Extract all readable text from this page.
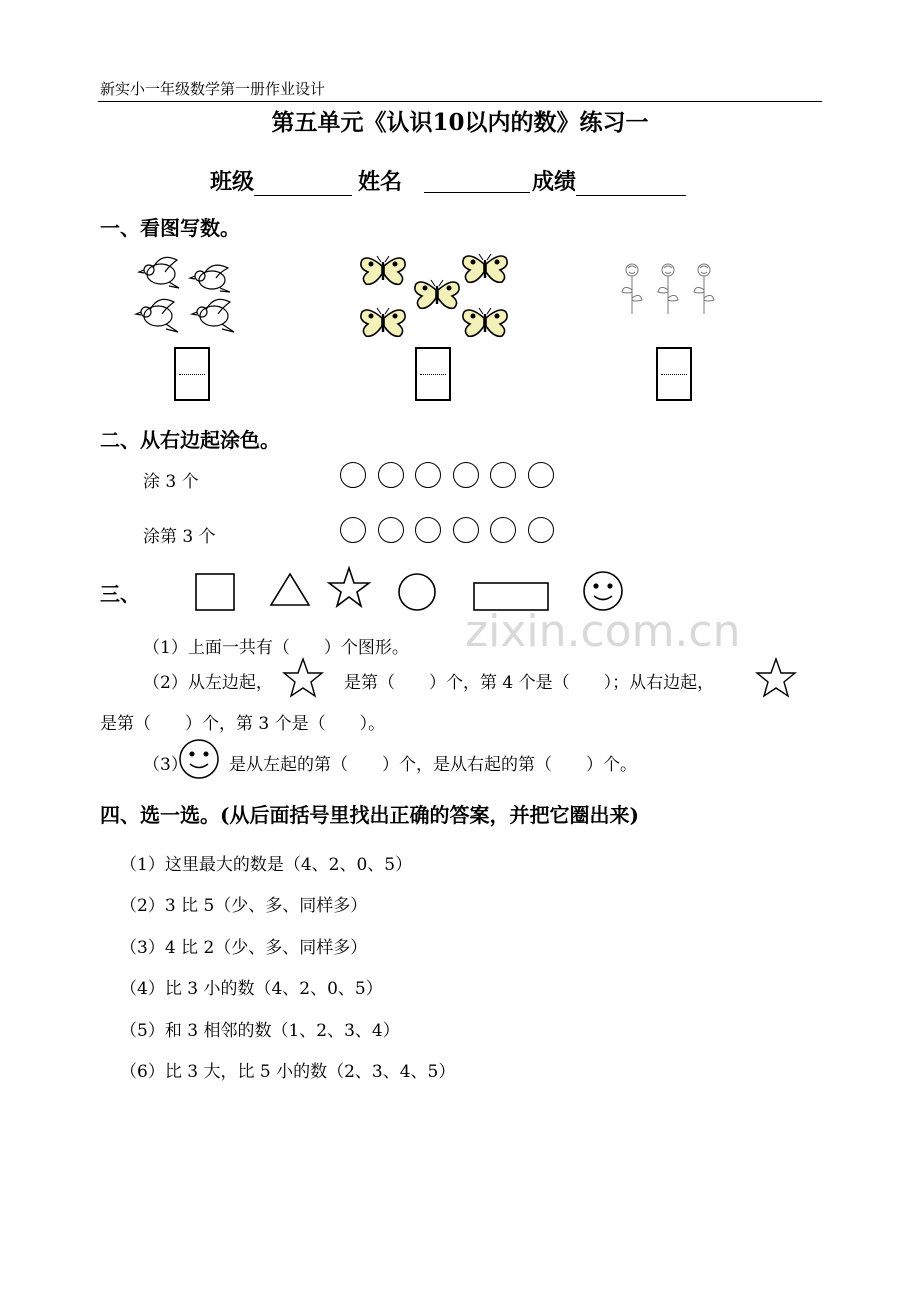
新实小一年级数学第一册作业设计
第五单元《认识10以内的数》练习一
班级	姓名	成绩
一、看图写数。
二、从右边起涂色。
涂 3 个
涂第 3 个
三、
（1）上面一共有（　　）个图形。
（2）从左边起，	是第（　　）个，第 4 个是（　　）；从右边起，
是第（　　）个，第 3 个是（　　）。
（3） 是从左起的第（　　）个，是从右起的第（　　）个。
四、选一选。(从后面括号里找出正确的答案，并把它圈出来)
（1）这里最大的数是（4、2、0、5）
（2）3 比 5（少、多、同样多）
（3）4 比 2（少、多、同样多）
（4）比 3 小的数（4、2、0、5）
（5）和 3 相邻的数（1、2、3、4）
（6）比 3 大，比 5 小的数（2、3、4、5）
zixin.com.cn
